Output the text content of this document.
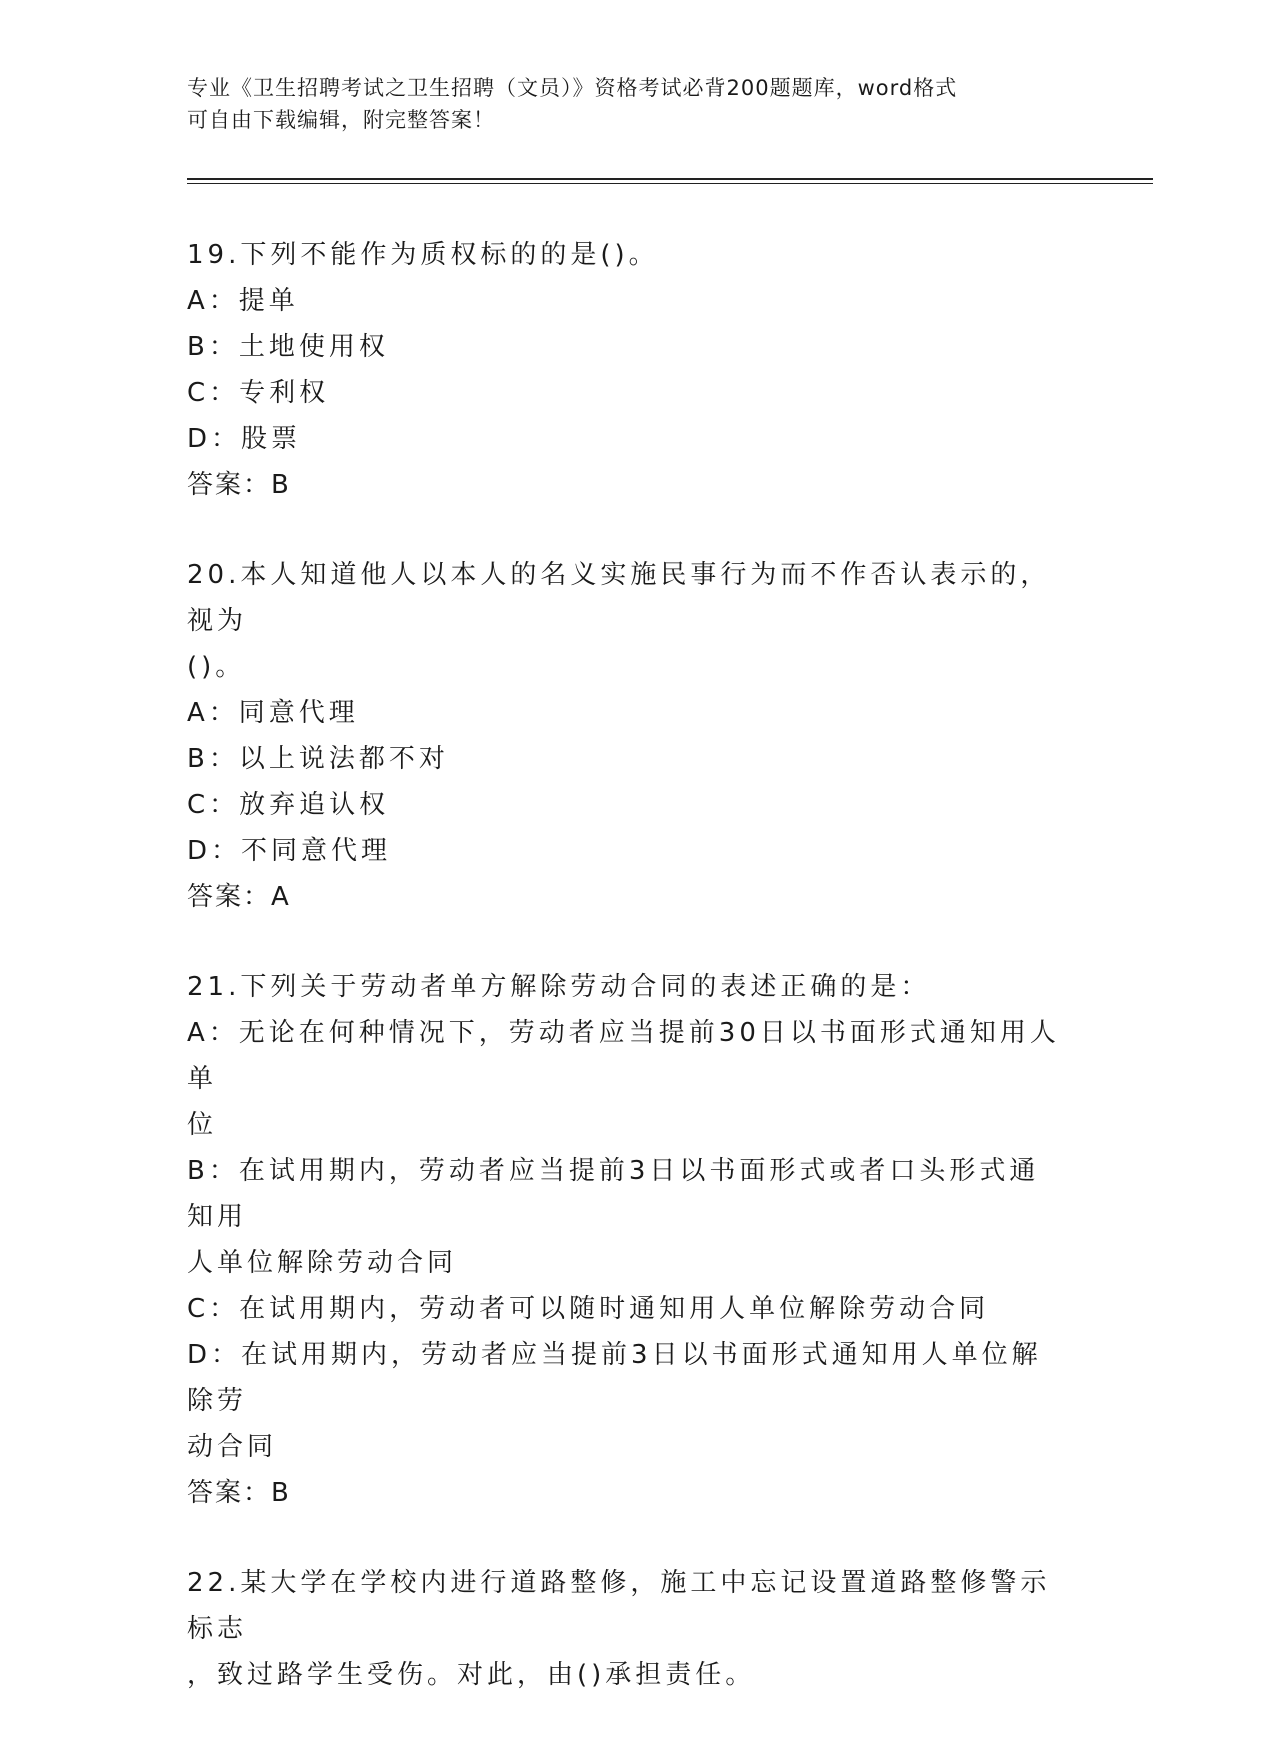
专业《卫生招聘考试之卫生招聘（文员）》资格考试必背200题题库，word格式
可自由下载编辑，附完整答案！
19.下列不能作为质权标的的是()。
A：提单
B：土地使用权
C：专利权
D：股票
答案：B
20.本人知道他人以本人的名义实施民事行为而不作否认表示的，视为
()。
A：同意代理
B：以上说法都不对
C：放弃追认权
D：不同意代理
答案：A
21.下列关于劳动者单方解除劳动合同的表述正确的是：
A：无论在何种情况下，劳动者应当提前30日以书面形式通知用人单
位
B：在试用期内，劳动者应当提前3日以书面形式或者口头形式通知用
人单位解除劳动合同
C：在试用期内，劳动者可以随时通知用人单位解除劳动合同
D：在试用期内，劳动者应当提前3日以书面形式通知用人单位解除劳
动合同
答案：B
22.某大学在学校内进行道路整修，施工中忘记设置道路整修警示标志
，致过路学生受伤。对此，由()承担责任。
